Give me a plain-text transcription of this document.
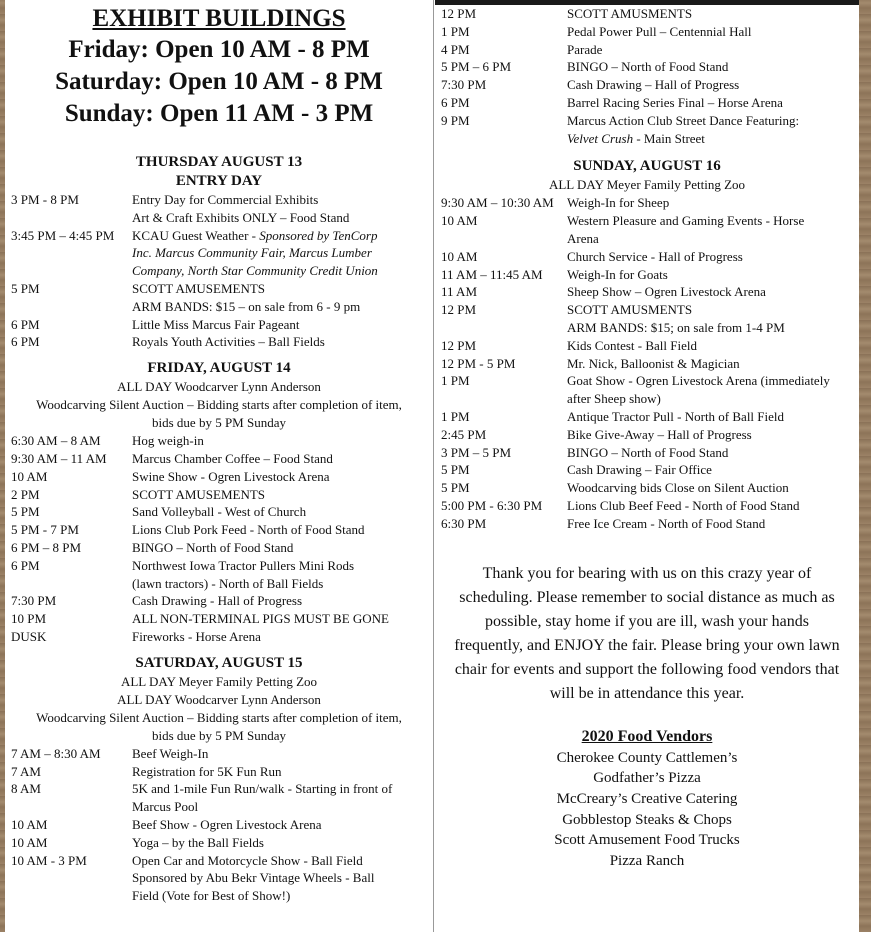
EXHIBIT BUILDINGS
Friday: Open 10 AM - 8 PM
Saturday: Open 10 AM - 8 PM
Sunday: Open 11 AM - 3 PM
THURSDAY AUGUST 13
ENTRY DAY
3 PM - 8 PM	Entry Day for Commercial Exhibits
Art & Craft Exhibits ONLY – Food Stand
3:45 PM – 4:45 PM	KCAU Guest Weather - Sponsored by TenCorp
Inc. Marcus Community Fair, Marcus Lumber
Company, North Star Community Credit Union
5 PM	SCOTT AMUSEMENTS
ARM BANDS: $15 – on sale from 6 - 9 pm
6 PM	Little Miss Marcus Fair Pageant
6 PM	Royals Youth Activities – Ball Fields
FRIDAY, AUGUST 14
ALL DAY Woodcarver Lynn Anderson
Woodcarving Silent Auction – Bidding starts after completion of item,
bids due by 5 PM Sunday
6:30 AM – 8 AM	Hog weigh-in
9:30 AM – 11 AM	Marcus Chamber Coffee – Food Stand
10 AM	Swine Show - Ogren Livestock Arena
2 PM	SCOTT AMUSEMENTS
5 PM	Sand Volleyball - West of Church
5 PM - 7 PM	Lions Club Pork Feed - North of Food Stand
6 PM – 8 PM	BINGO – North of Food Stand
6 PM	Northwest Iowa Tractor Pullers Mini Rods
(lawn tractors) - North of Ball Fields
7:30 PM	Cash Drawing - Hall of Progress
10 PM	ALL NON-TERMINAL PIGS MUST BE GONE
DUSK	Fireworks - Horse Arena
SATURDAY, AUGUST 15
ALL DAY Meyer Family Petting Zoo
ALL DAY Woodcarver Lynn Anderson
Woodcarving Silent Auction – Bidding starts after completion of item,
bids due by 5 PM Sunday
7 AM – 8:30 AM	Beef Weigh-In
7 AM	Registration for 5K Fun Run
8 AM	5K and 1-mile Fun Run/walk - Starting in front of
Marcus Pool
10 AM	Beef Show - Ogren Livestock Arena
10 AM	Yoga – by the Ball Fields
10 AM - 3 PM	Open Car and Motorcycle Show - Ball Field
Sponsored by Abu Bekr Vintage Wheels - Ball
Field (Vote for Best of Show!)
12 PM	SCOTT AMUSMENTS
1 PM	Pedal Power Pull – Centennial Hall
4 PM	Parade
5 PM – 6 PM	BINGO – North of Food Stand
7:30 PM	Cash Drawing – Hall of Progress
6 PM	Barrel Racing Series Final – Horse Arena
9 PM	Marcus Action Club Street Dance Featuring:
Velvet Crush - Main Street
SUNDAY, AUGUST 16
ALL DAY Meyer Family Petting Zoo
9:30 AM – 10:30 AM	Weigh-In for Sheep
10 AM	Western Pleasure and Gaming Events - Horse
Arena
10 AM	Church Service - Hall of Progress
11 AM – 11:45 AM	Weigh-In for Goats
11 AM	Sheep Show – Ogren Livestock Arena
12 PM	SCOTT AMUSMENTS
ARM BANDS: $15; on sale from 1-4 PM
12 PM	Kids Contest - Ball Field
12 PM - 5 PM	Mr. Nick, Balloonist & Magician
1 PM	Goat Show - Ogren Livestock Arena (immediately
after Sheep show)
1 PM	Antique Tractor Pull - North of Ball Field
2:45 PM	Bike Give-Away – Hall of Progress
3 PM – 5 PM	BINGO – North of Food Stand
5 PM	Cash Drawing – Fair Office
5 PM	Woodcarving bids Close on Silent Auction
5:00 PM - 6:30 PM	Lions Club Beef Feed - North of Food Stand
6:30 PM	Free Ice Cream - North of Food Stand
Thank you for bearing with us on this crazy year of scheduling. Please remember to social distance as much as possible, stay home if you are ill, wash your hands frequently, and ENJOY the fair. Please bring your own lawn chair for events and support the following food vendors that will be in attendance this year.
2020 Food Vendors
Cherokee County Cattlemen’s
Godfather’s Pizza
McCreary’s Creative Catering
Gobblestop Steaks & Chops
Scott Amusement Food Trucks
Pizza Ranch
